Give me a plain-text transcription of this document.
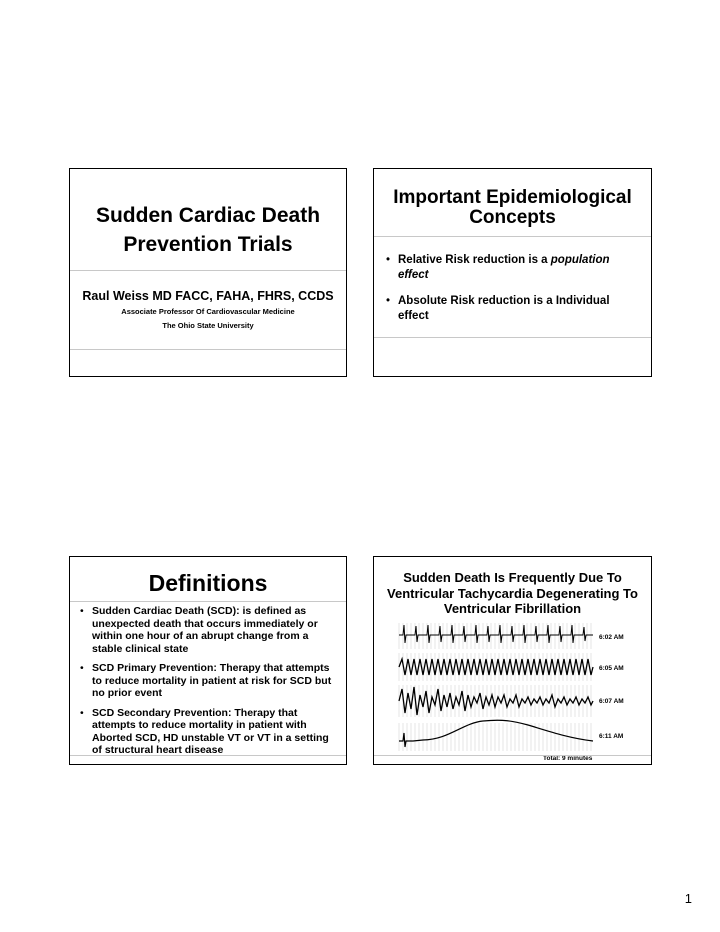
Sudden Cardiac Death Prevention Trials
Raul Weiss MD FACC, FAHA, FHRS, CCDS
Associate Professor Of Cardiovascular Medicine
The Ohio State University
Important Epidemiological Concepts
• Relative Risk reduction is a population effect
• Absolute Risk reduction is a Individual effect
Definitions
• Sudden Cardiac Death (SCD): is defined as unexpected death that occurs immediately or within one hour of an abrupt change from a stable clinical state
• SCD Primary Prevention: Therapy that attempts to reduce mortality in patient at risk for SCD but no prior event
• SCD Secondary Prevention: Therapy that attempts to reduce mortality in patient with Aborted SCD, HD unstable VT or VT in a setting of structural heart disease
Sudden Death Is Frequently Due To Ventricular Tachycardia Degenerating To Ventricular Fibrillation
6:02 AM
6:05 AM
6:07 AM
6:11 AM
Total: 9 minutes
1
